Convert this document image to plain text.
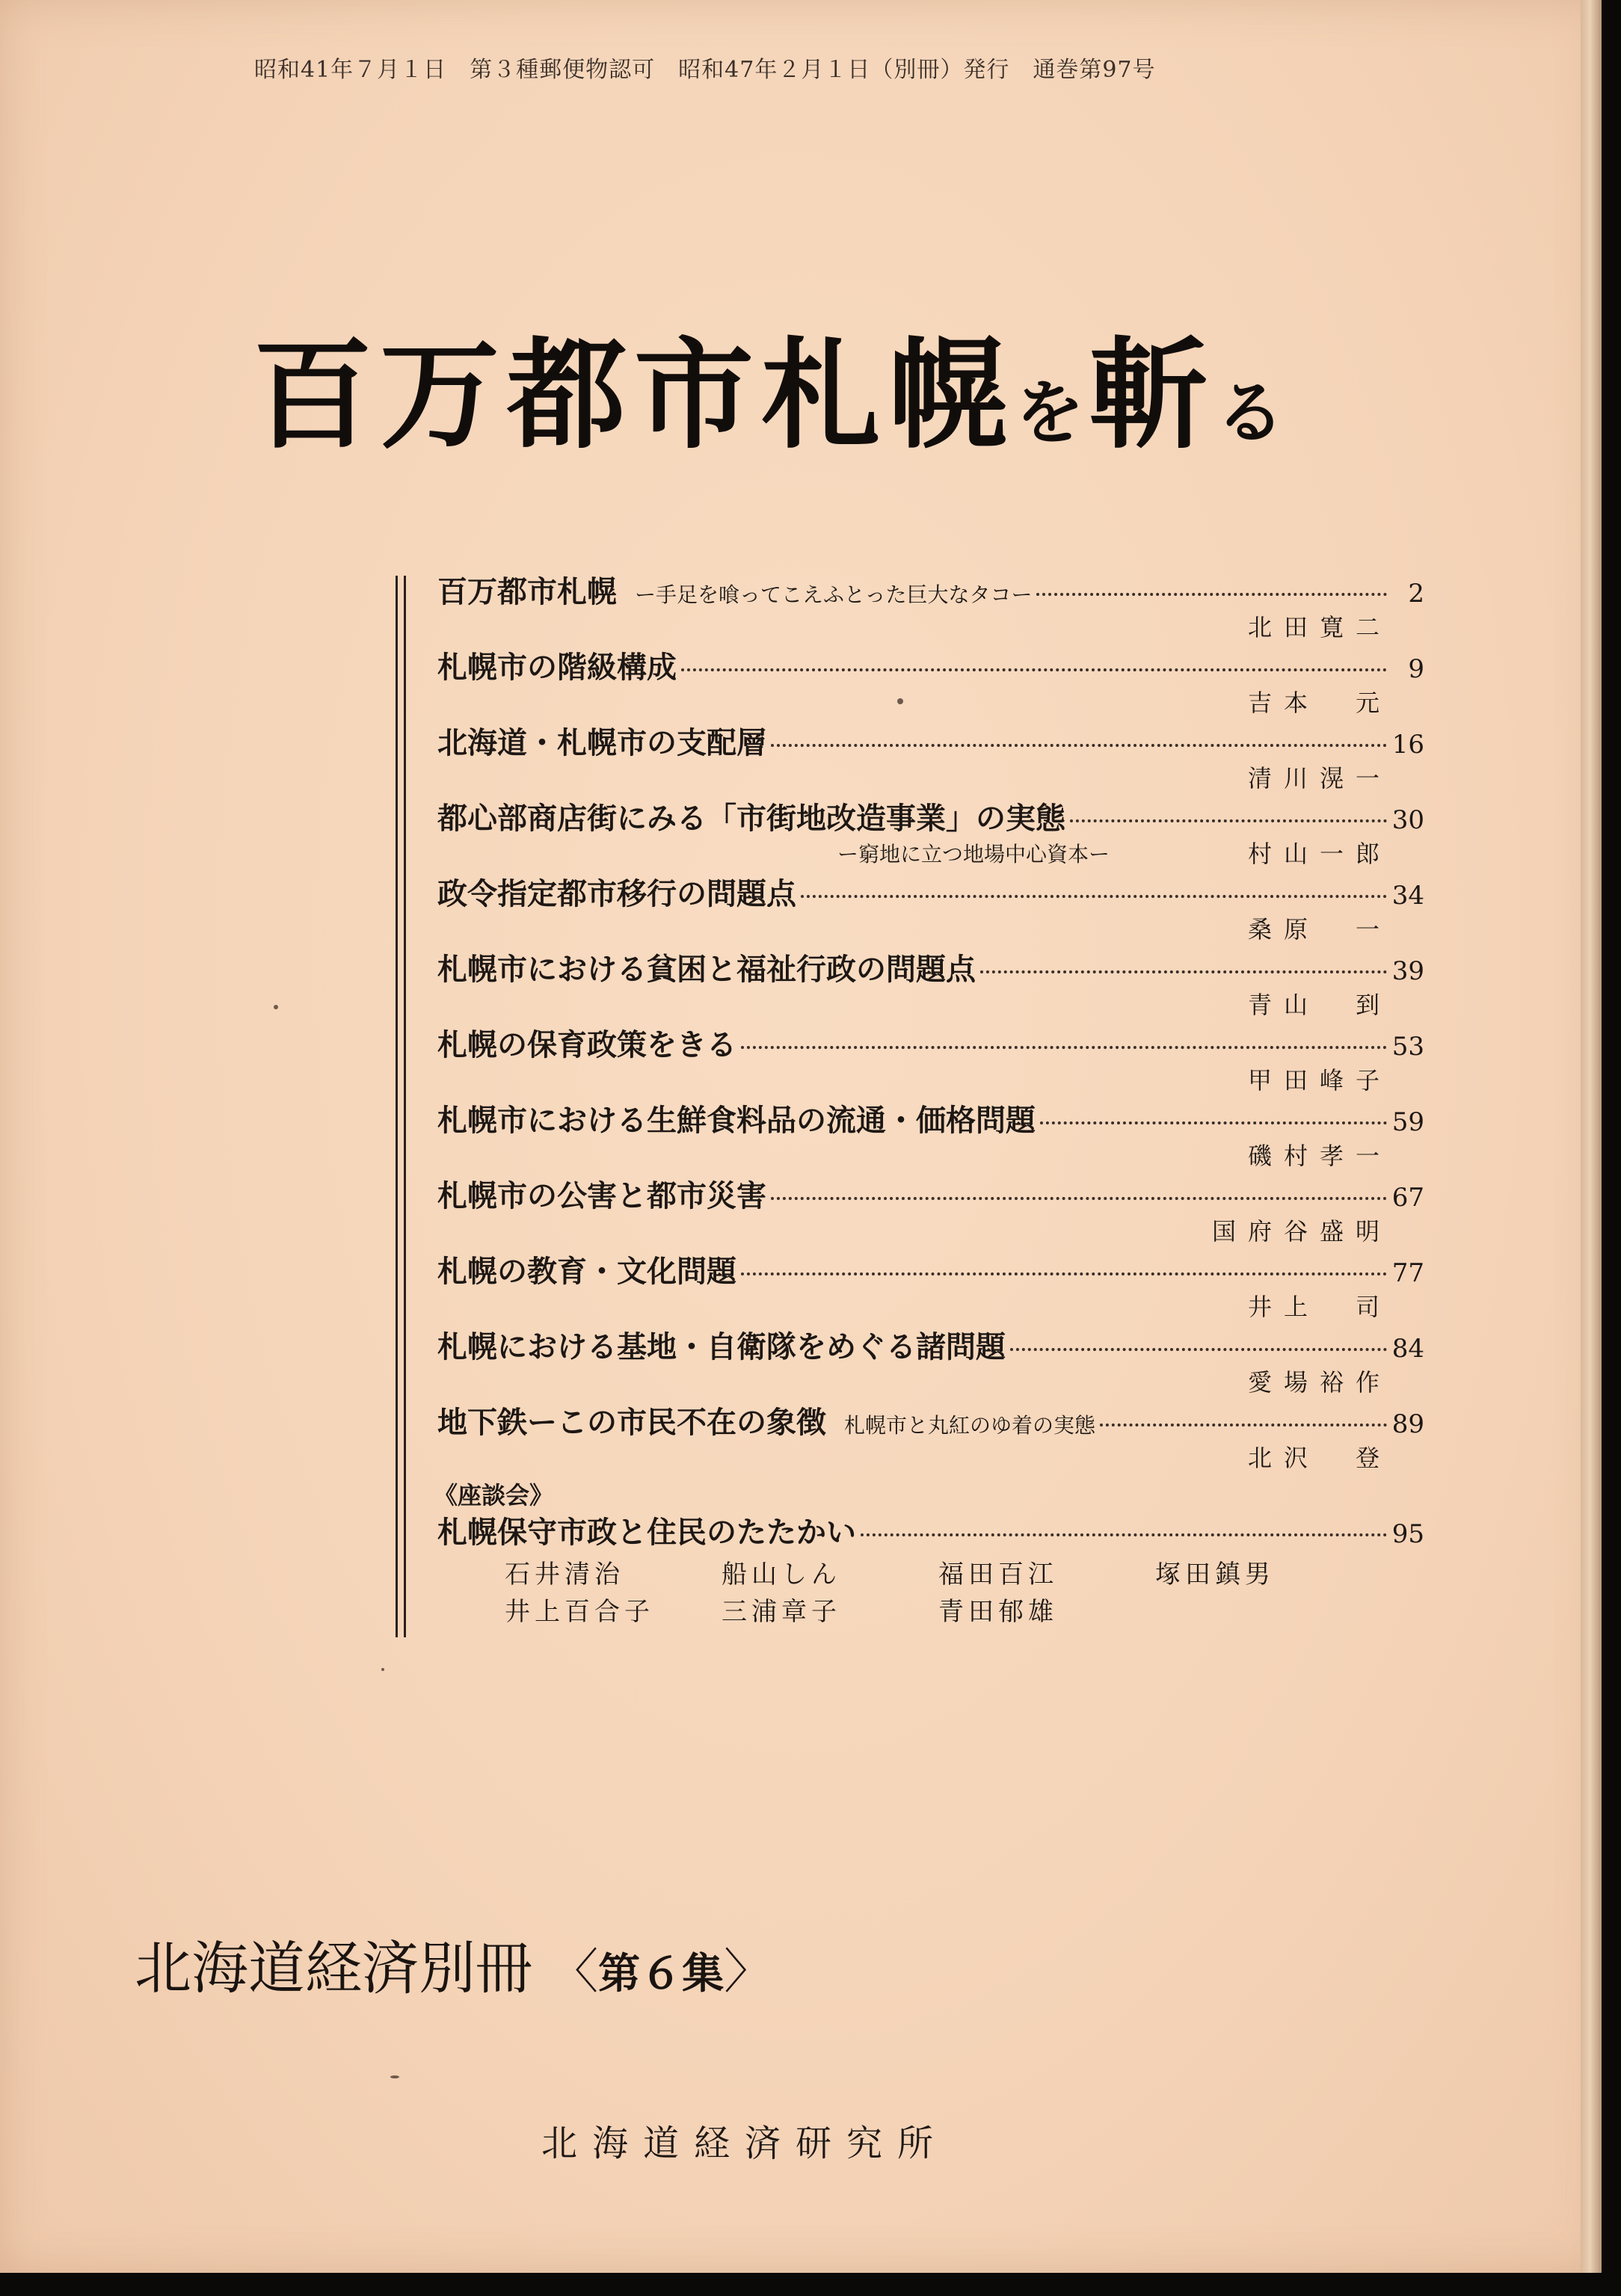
昭和41年７月１日　第３種郵便物認可　昭和47年２月１日（別冊）発行　通巻第97号
百万都市札幌を斬る
百万都市札幌 ー手足を喰ってこえふとった巨大なタコー	2
北田寛二
札幌市の階級構成	9
吉本　元
北海道・札幌市の支配層	16
清川滉一
都心部商店街にみる「市街地改造事業」の実態	30
ー窮地に立つ地場中心資本ー	村山一郎
政令指定都市移行の問題点	34
桑原　一
札幌市における貧困と福祉行政の問題点	39
青山　到
札幌の保育政策をきる	53
甲田峰子
札幌市における生鮮食料品の流通・価格問題	59
磯村孝一
札幌市の公害と都市災害	67
国府谷盛明
札幌の教育・文化問題	77
井上　司
札幌における基地・自衛隊をめぐる諸問題	84
愛場裕作
地下鉄ーこの市民不在の象徴 札幌市と丸紅のゆ着の実態	89
北沢　登
《座談会》
札幌保守市政と住民のたたかい	95
石井清治	船山しん	福田百江	塚田鎮男
井上百合子	三浦章子	青田郁雄
北海道経済別冊 〈第６集〉
北海道経済研究所
